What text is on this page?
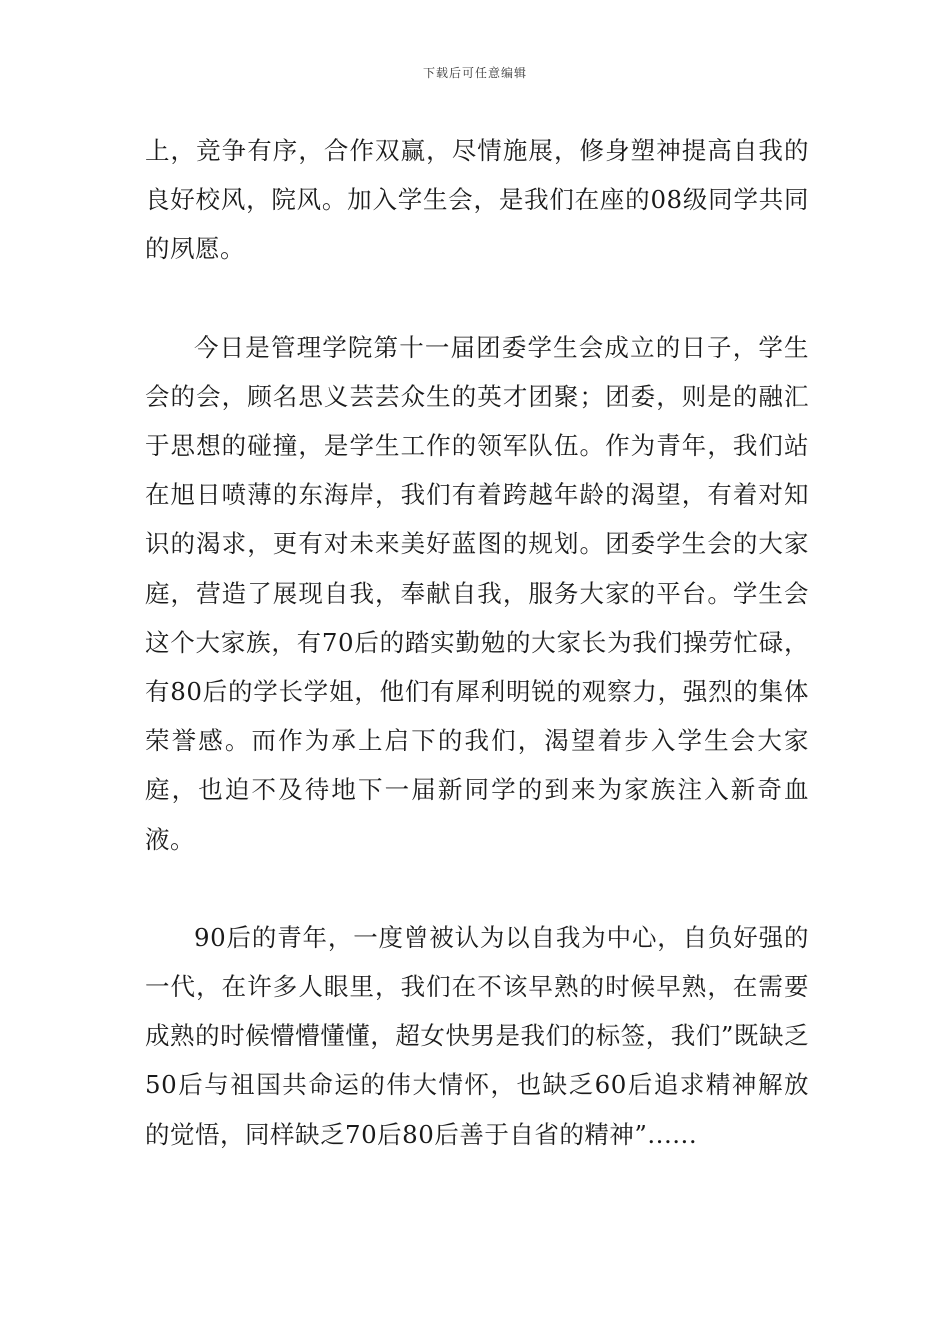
下载后可任意编辑

上，竞争有序，合作双赢，尽情施展，修身塑神提高自我的良好校风，院风。加入学生会，是我们在座的08级同学共同的夙愿。

今日是管理学院第十一届团委学生会成立的日子，学生会的会，顾名思义芸芸众生的英才团聚；团委，则是的融汇于思想的碰撞，是学生工作的领军队伍。作为青年，我们站在旭日喷薄的东海岸，我们有着跨越年龄的渴望，有着对知识的渴求，更有对未来美好蓝图的规划。团委学生会的大家庭，营造了展现自我，奉献自我，服务大家的平台。学生会这个大家族，有70后的踏实勤勉的大家长为我们操劳忙碌，有80后的学长学姐，他们有犀利明锐的观察力，强烈的集体荣誉感。而作为承上启下的我们，渴望着步入学生会大家庭，也迫不及待地下一届新同学的到来为家族注入新奇血液。

90后的青年，一度曾被认为以自我为中心，自负好强的一代，在许多人眼里，我们在不该早熟的时候早熟，在需要成熟的时候懵懵懂懂，超女快男是我们的标签，我们”既缺乏50后与祖国共命运的伟大情怀，也缺乏60后追求精神解放的觉悟，同样缺乏70后80后善于自省的精神”......
